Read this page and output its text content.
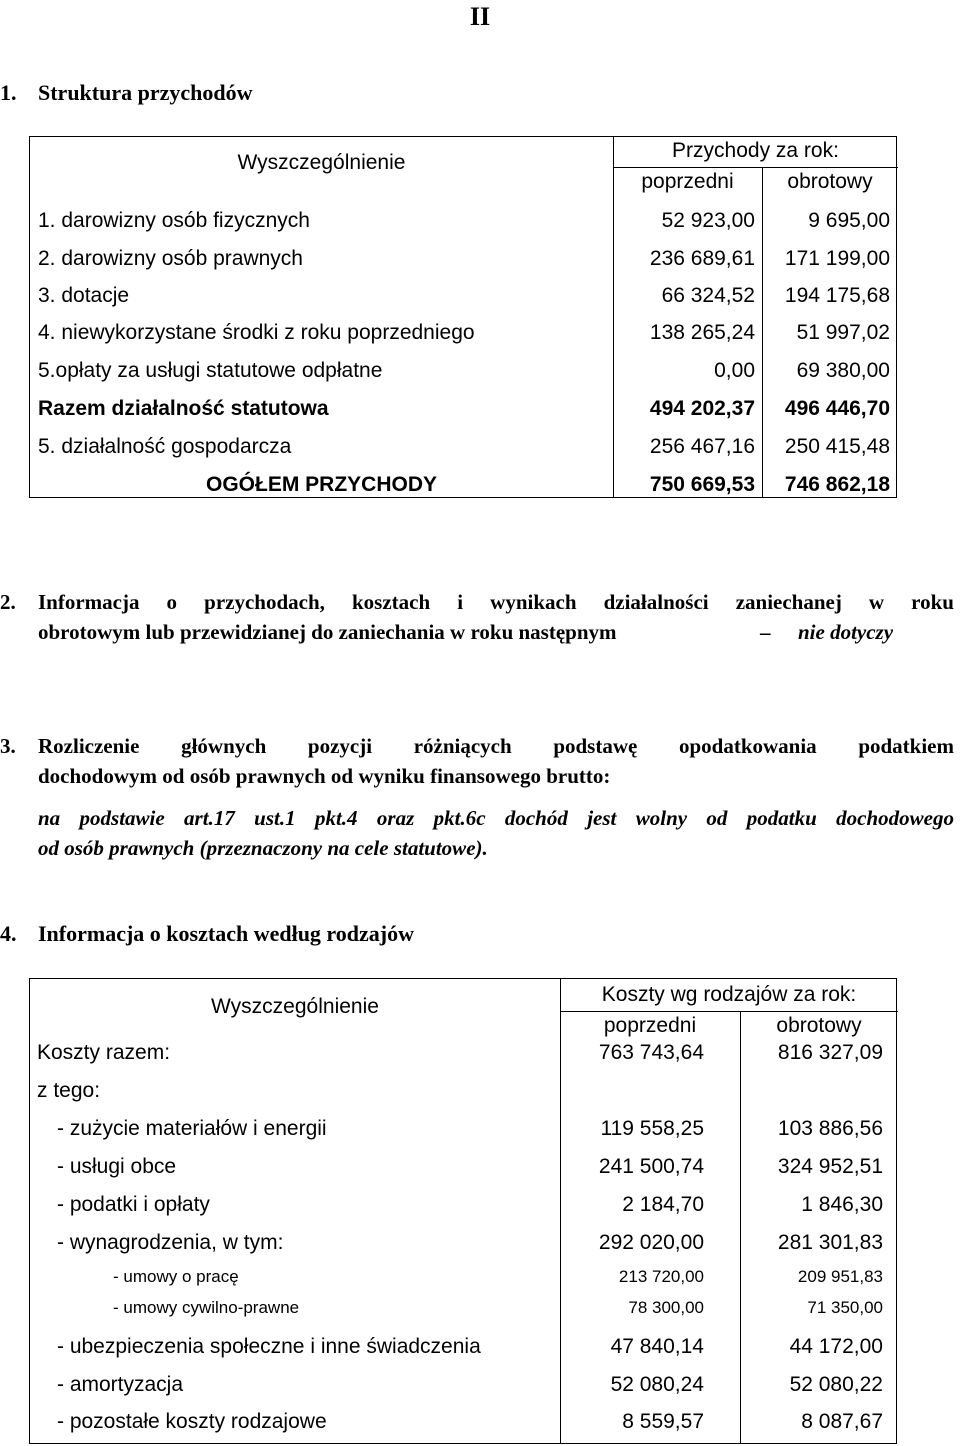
II
1. Struktura przychodów
Wyszczególnienie
Przychody za rok:
poprzedni	obrotowy
1. darowizny osób fizycznych	52 923,00	9 695,00
2. darowizny osób prawnych	236 689,61	171 199,00
3. dotacje	66 324,52	194 175,68
4. niewykorzystane środki z roku poprzedniego	138 265,24	51 997,02
5.opłaty za usługi statutowe odpłatne	0,00	69 380,00
Razem działalność statutowa	494 202,37	496 446,70
5. działalność gospodarcza	256 467,16	250 415,48
OGÓŁEM PRZYCHODY	750 669,53	746 862,18
2. Informacja o przychodach, kosztach i wynikach działalności zaniechanej w roku
obrotowym lub przewidzianej do zaniechania w roku następnym	– nie dotyczy
3. Rozliczenie głównych pozycji różniących podstawę opodatkowania podatkiem
dochodowym od osób prawnych od wyniku finansowego brutto:
na podstawie art.17 ust.1 pkt.4 oraz pkt.6c dochód jest wolny od podatku dochodowego
od osób prawnych (przeznaczony na cele statutowe).
4. Informacja o kosztach według rodzajów
Wyszczególnienie
Koszty wg rodzajów za rok:
poprzedni	obrotowy
Koszty razem:	763 743,64	816 327,09
z tego:
- zużycie materiałów i energii	119 558,25	103 886,56
- usługi obce	241 500,74	324 952,51
- podatki i opłaty	2 184,70	1 846,30
- wynagrodzenia, w tym:	292 020,00	281 301,83
- umowy o pracę	213 720,00	209 951,83
- umowy cywilno-prawne	78 300,00	71 350,00
- ubezpieczenia społeczne i inne świadczenia	47 840,14	44 172,00
- amortyzacja	52 080,24	52 080,22
- pozostałe koszty rodzajowe	8 559,57	8 087,67
